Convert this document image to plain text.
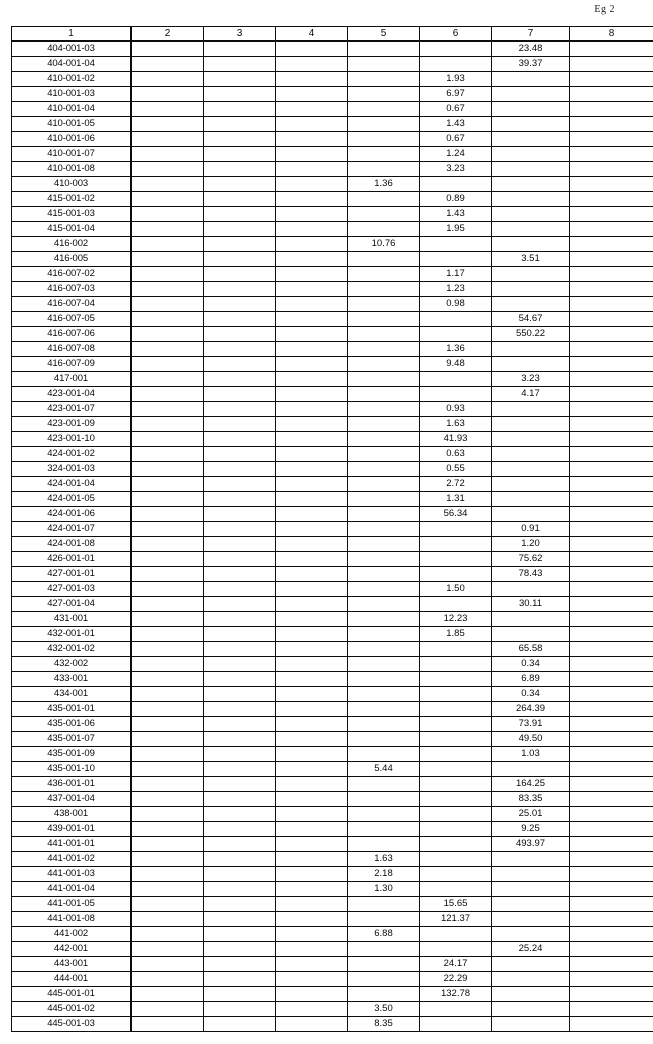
Eg 2
1	2	3	4	5	6	7	8
404-001-03						23.48	
404-001-04						39.37	
410-001-02					1.93		
410-001-03					6.97		
410-001-04					0.67		
410-001-05					1.43		
410-001-06					0.67		
410-001-07					1.24		
410-001-08					3.23		
410-003				1.36			
415-001-02					0.89		
415-001-03					1.43		
415-001-04					1.95		
416-002				10.76			
416-005						3.51	
416-007-02					1.17		
416-007-03					1.23		
416-007-04					0.98		
416-007-05						54.67	
416-007-06						550.22	
416-007-08					1.36		
416-007-09					9.48		
417-001						3.23	
423-001-04						4.17	
423-001-07					0.93		
423-001-09					1.63		
423-001-10					41.93		
424-001-02					0.63		
324-001-03					0.55		
424-001-04					2.72		
424-001-05					1.31		
424-001-06					56.34		
424-001-07						0.91	
424-001-08						1.20	
426-001-01						75.62	
427-001-01						78.43	
427-001-03					1.50		
427-001-04						30.11	
431-001					12.23		
432-001-01					1.85		
432-001-02						65.58	
432-002						0.34	
433-001						6.89	
434-001						0.34	
435-001-01						264.39	
435-001-06						73.91	
435-001-07						49.50	
435-001-09						1.03	
435-001-10				5.44			
436-001-01						164.25	
437-001-04						83.35	
438-001						25.01	
439-001-01						9.25	
441-001-01						493.97	
441-001-02				1.63			
441-001-03				2.18			
441-001-04				1.30			
441-001-05					15.65		
441-001-08					121.37		
441-002				6.88			
442-001						25.24	
443-001					24.17		
444-001					22.29		
445-001-01					132.78		
445-001-02				3.50			
445-001-03				8.35			
